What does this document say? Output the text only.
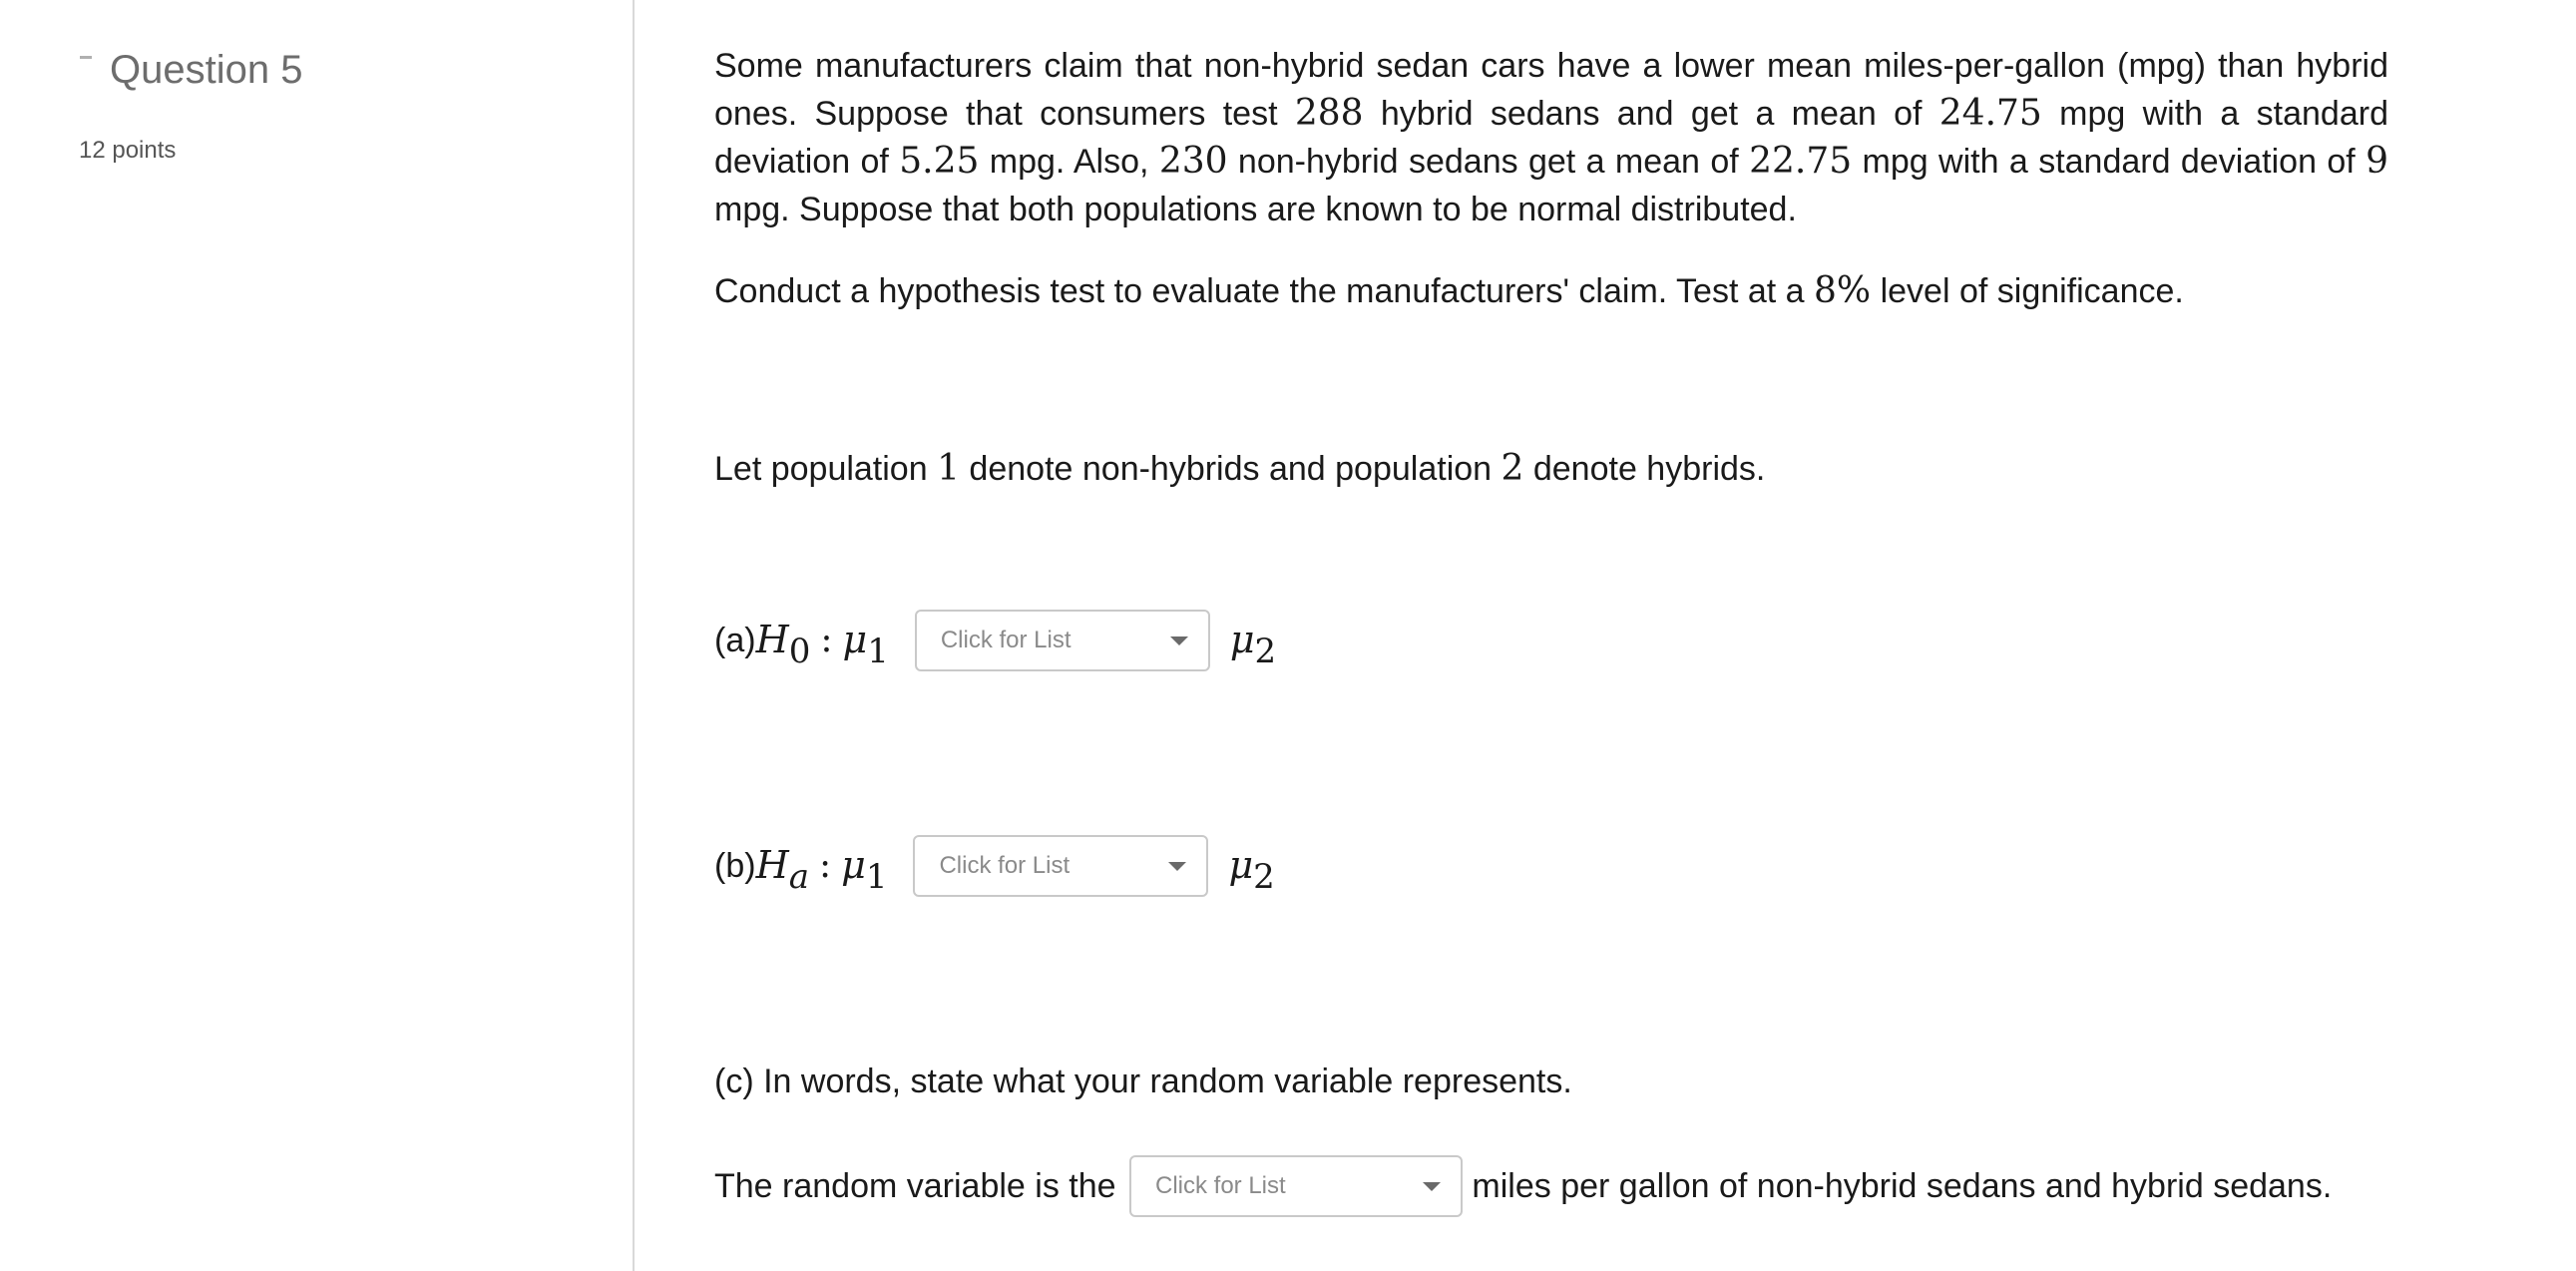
Question 5
12 points

Some manufacturers claim that non-hybrid sedan cars have a lower mean miles-per-gallon (mpg) than hybrid ones. Suppose that consumers test 288 hybrid sedans and get a mean of 24.75 mpg with a standard deviation of 5.25 mpg. Also, 230 non-hybrid sedans get a mean of 22.75 mpg with a standard deviation of 9 mpg. Suppose that both populations are known to be normal distributed.

Conduct a hypothesis test to evaluate the manufacturers' claim. Test at a 8% level of significance.

Let population 1 denote non-hybrids and population 2 denote hybrids.

(a) H0 : μ1 Click for List	μ2
(b) Ha : μ1 Click for List	μ2

(c) In words, state what your random variable represents.

The random variable is the Click for List	miles per gallon of non-hybrid sedans and hybrid sedans.
